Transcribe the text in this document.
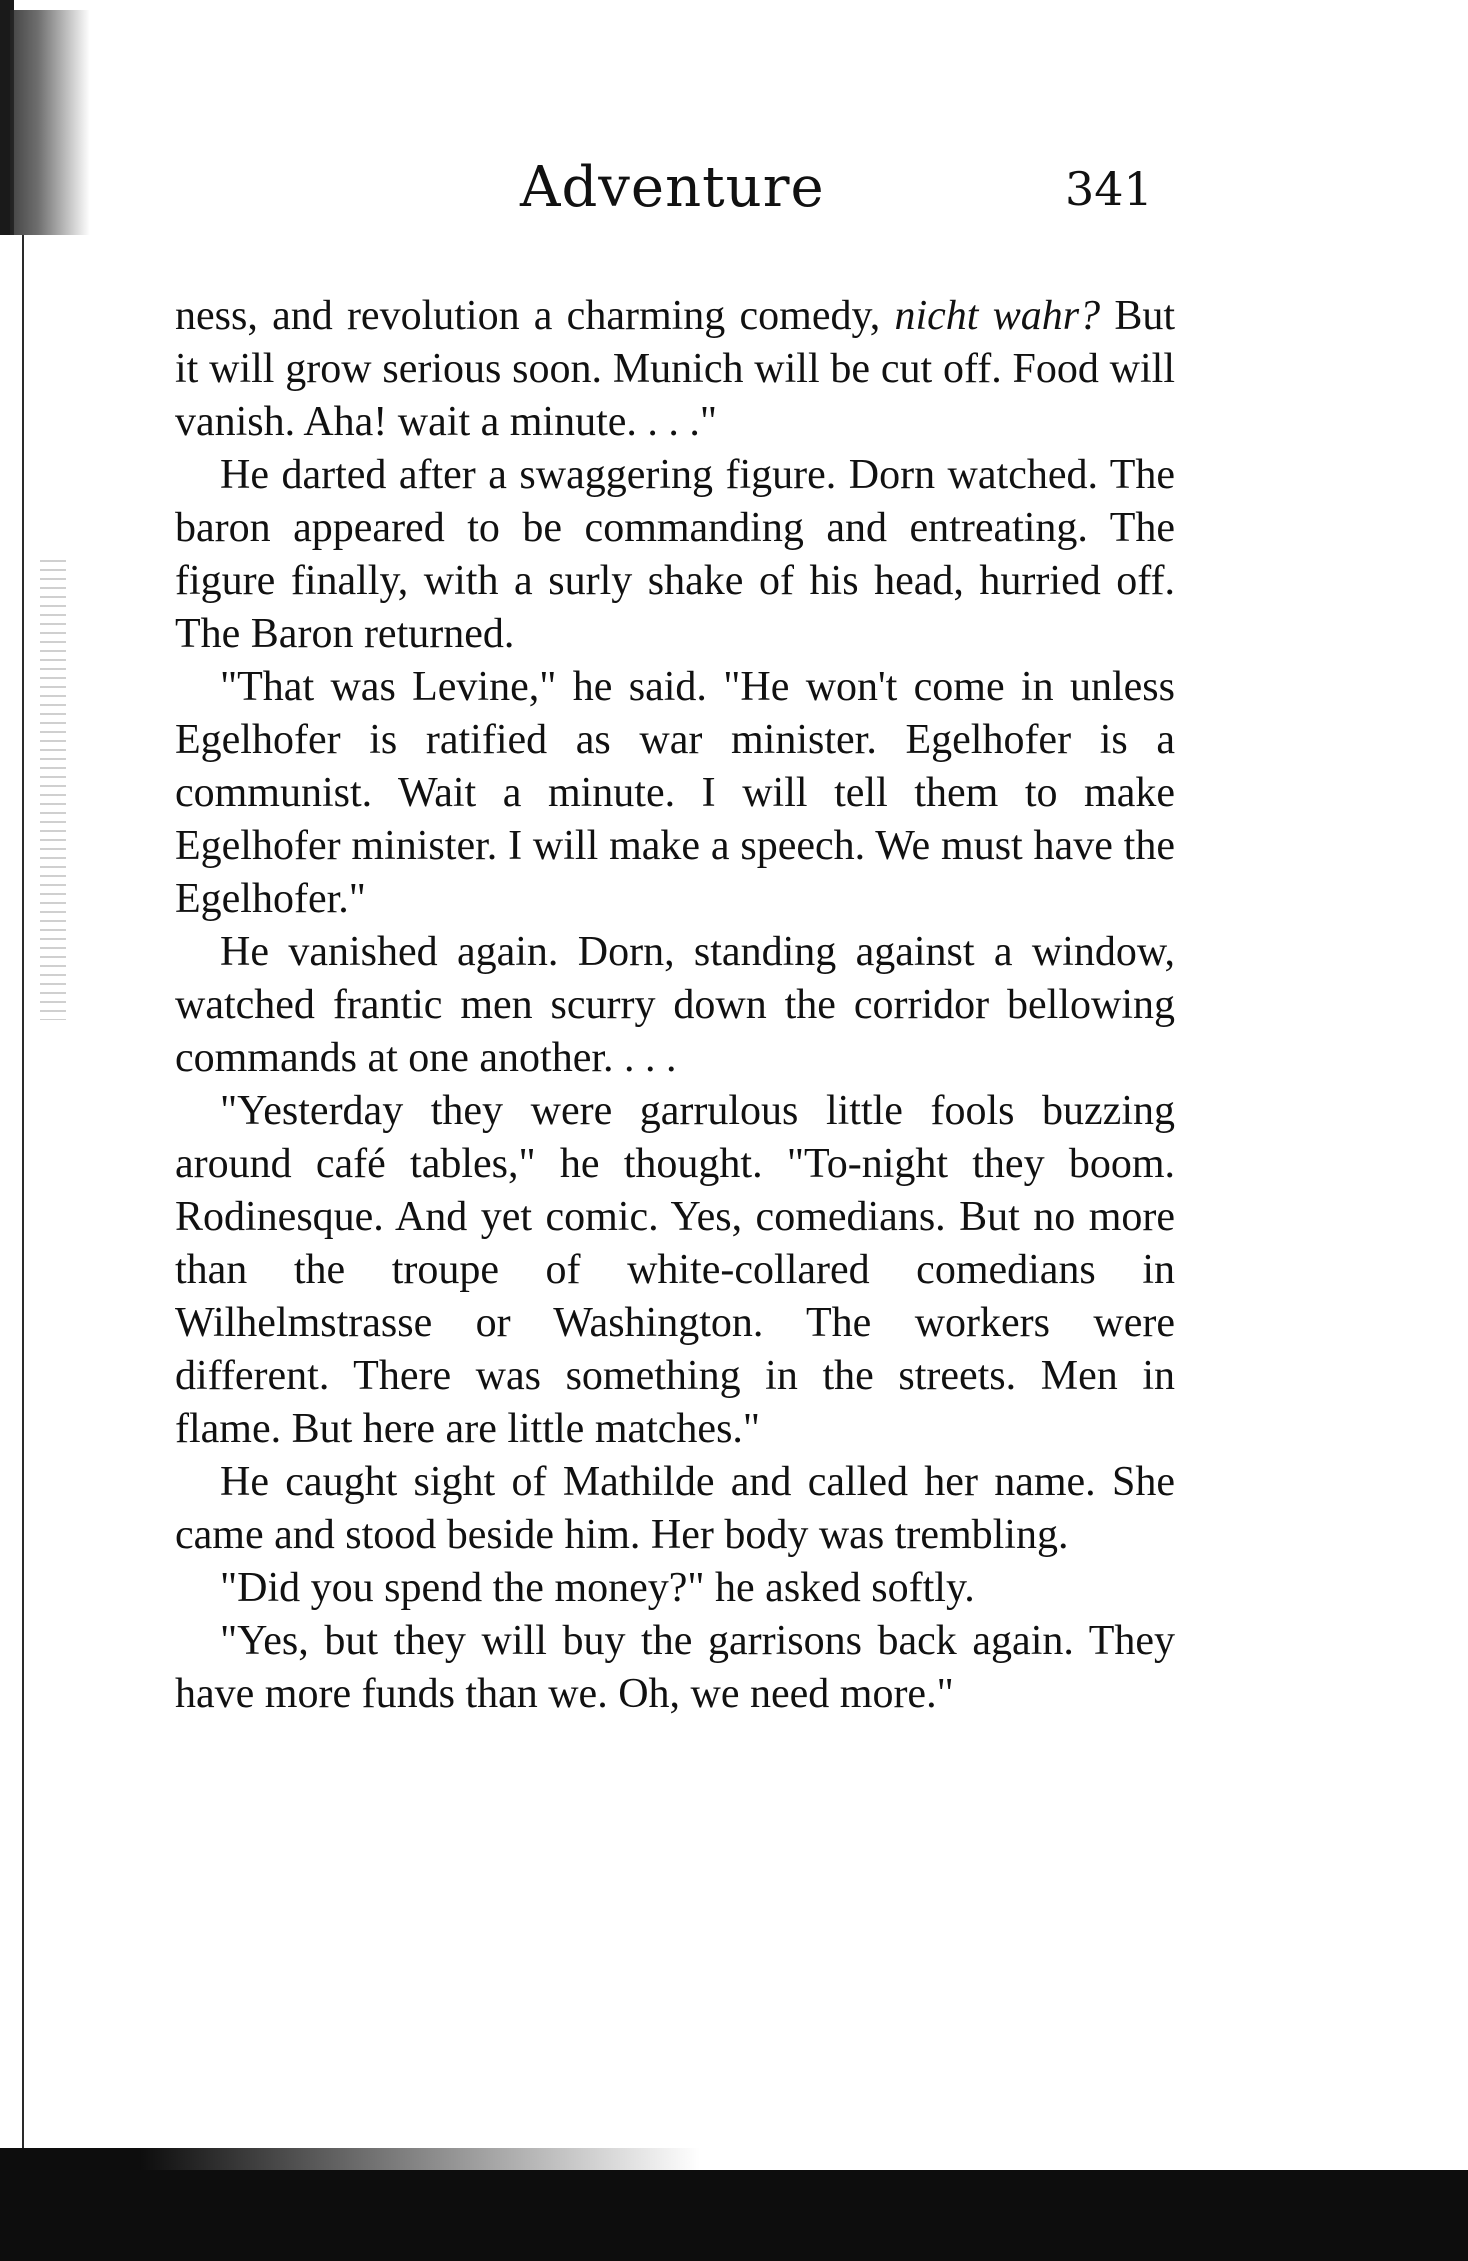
Adventure	341

ness, and revolution a charming comedy, nicht wahr? But it will grow serious soon. Munich will be cut off. Food will vanish. Aha! wait a minute. . . ."

He darted after a swaggering figure. Dorn watched. The baron appeared to be commanding and entreating. The figure finally, with a surly shake of his head, hurried off. The Baron returned.

"That was Levine," he said. "He won't come in unless Egelhofer is ratified as war minister. Egelhofer is a communist. Wait a minute. I will tell them to make Egelhofer minister. I will make a speech. We must have the Egelhofer."

He vanished again. Dorn, standing against a window, watched frantic men scurry down the corridor bellowing commands at one another. . . .

"Yesterday they were garrulous little fools buzzing around café tables," he thought. "To-night they boom. Rodinesque. And yet comic. Yes, comedians. But no more than the troupe of white-collared comedians in Wilhelmstrasse or Washington. The workers were different. There was something in the streets. Men in flame. But here are little matches."

He caught sight of Mathilde and called her name. She came and stood beside him. Her body was trembling.

"Did you spend the money?" he asked softly.

"Yes, but they will buy the garrisons back again. They have more funds than we. Oh, we need more."
